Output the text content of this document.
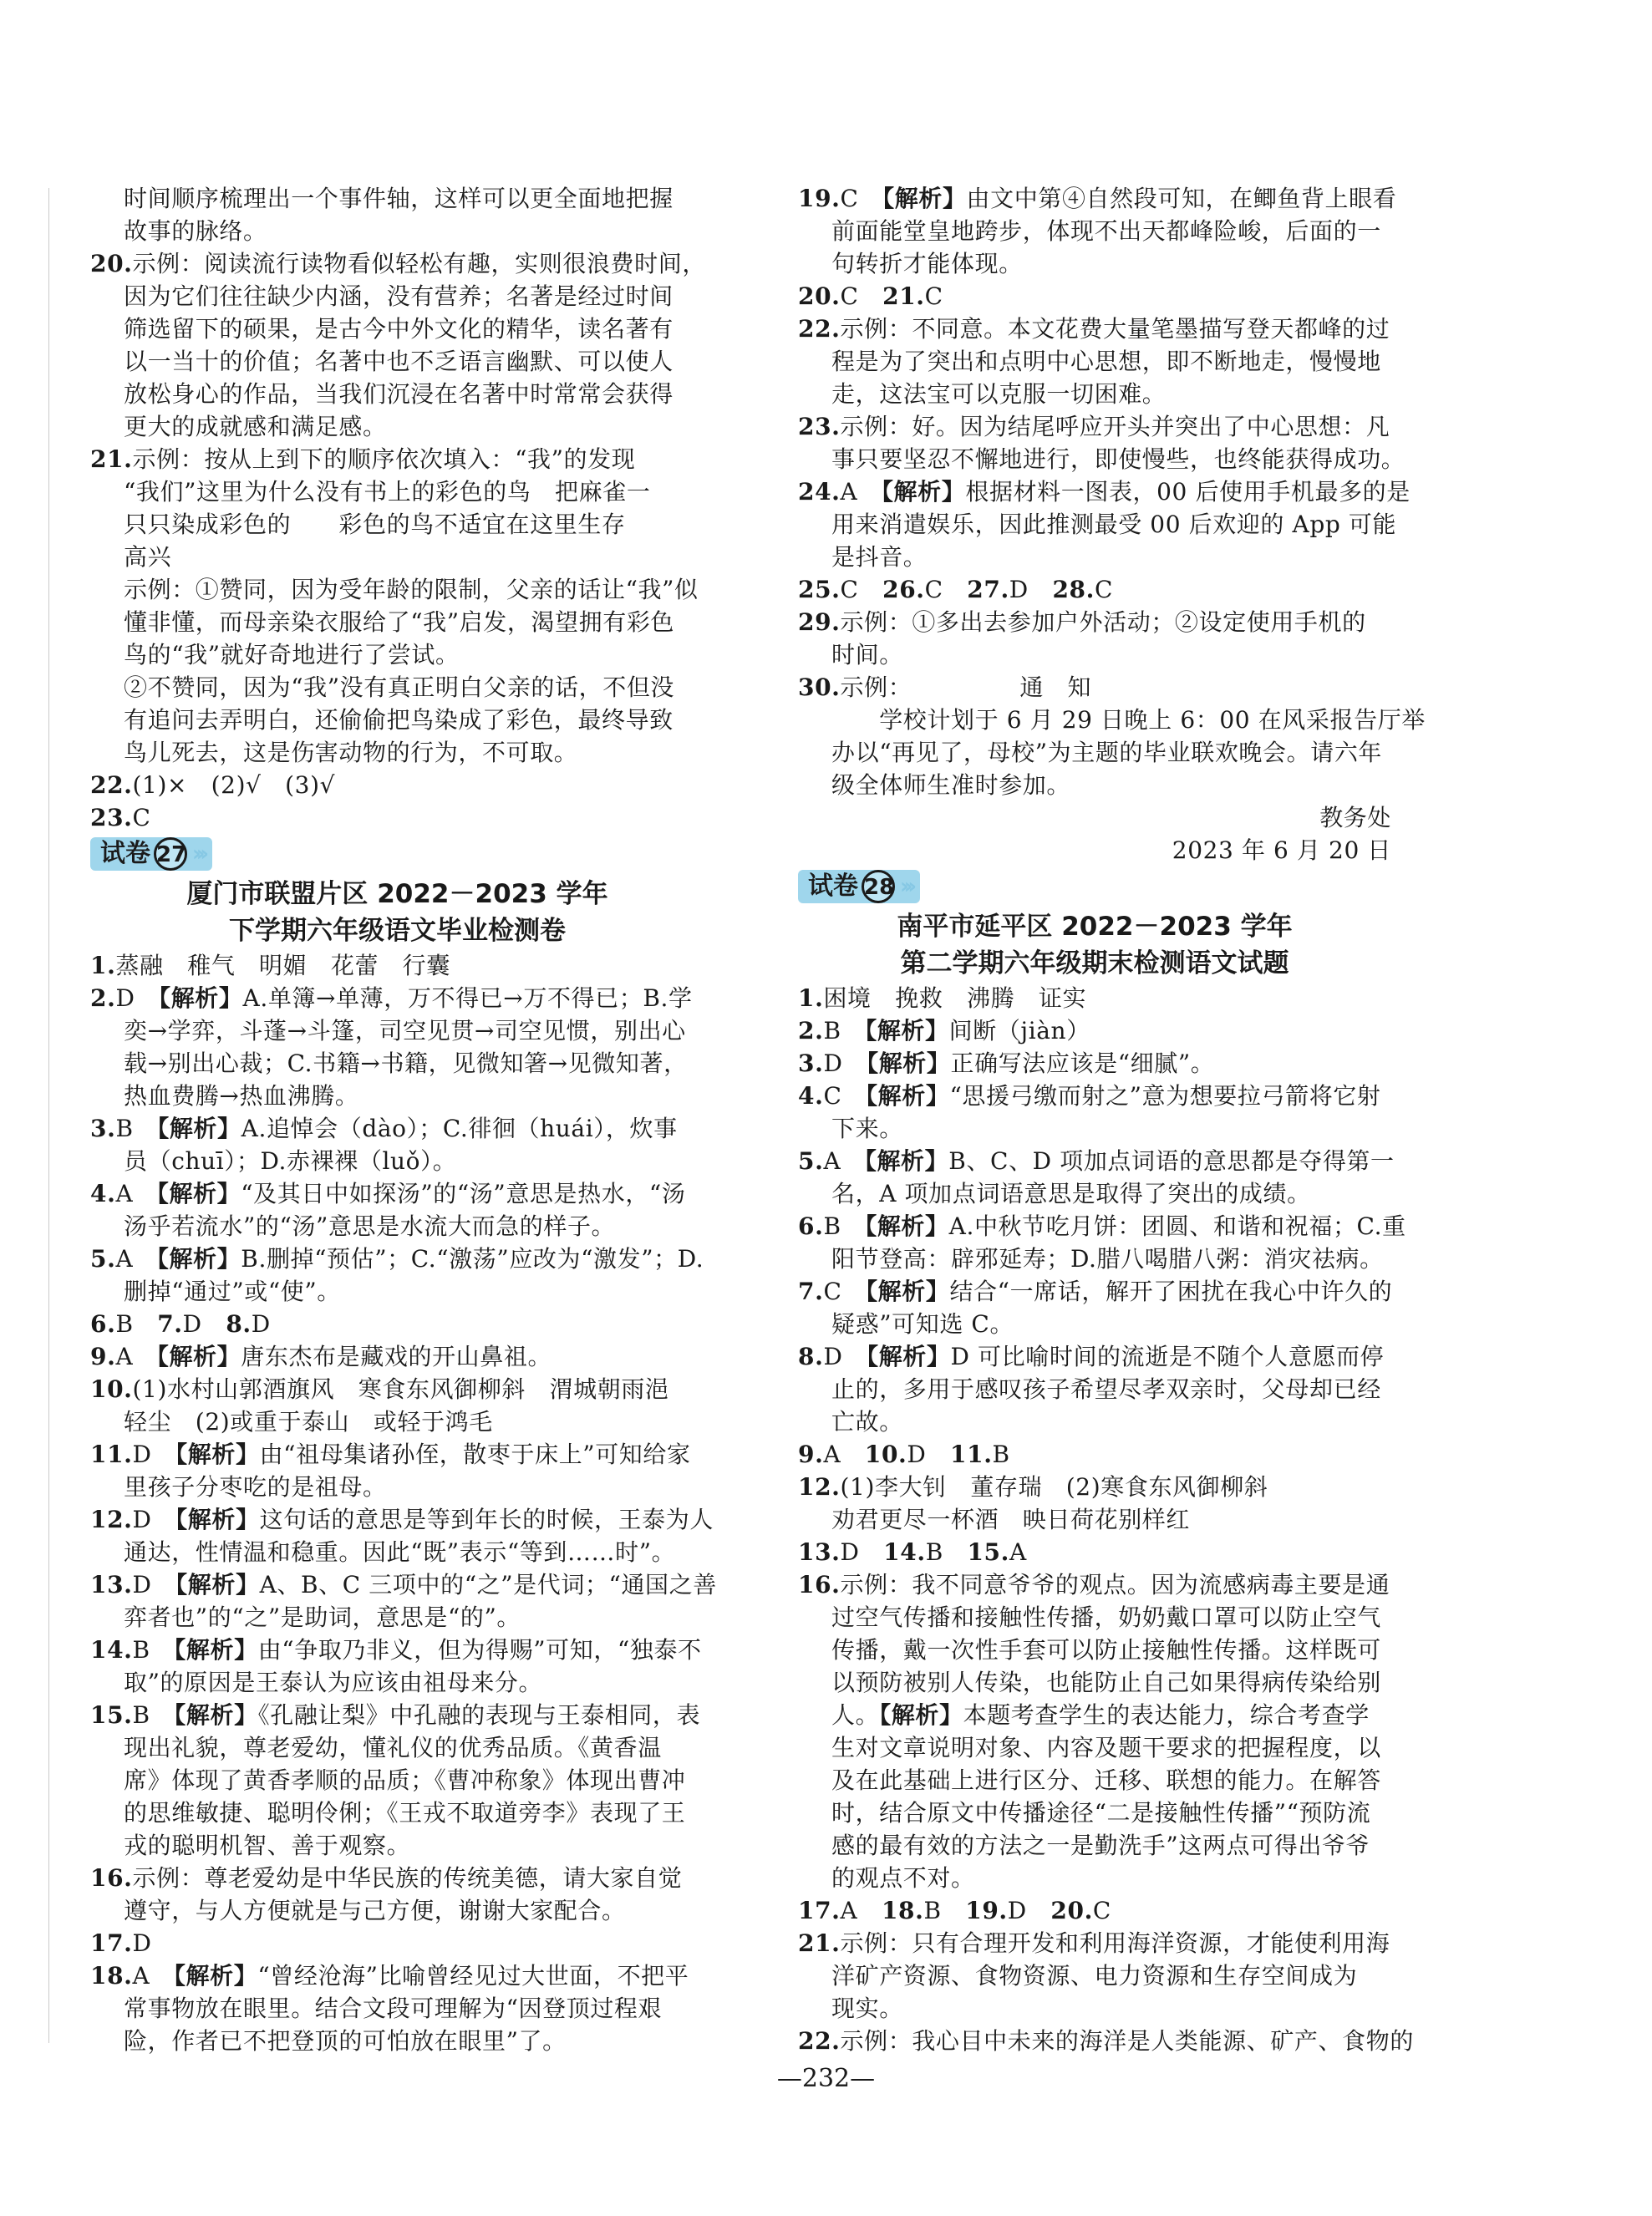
时间顺序梳理出一个事件轴，这样可以更全面地把握
故事的脉络。
20.示例：阅读流行读物看似轻松有趣，实则很浪费时间，
因为它们往往缺少内涵，没有营养；名著是经过时间
筛选留下的硕果，是古今中外文化的精华，读名著有
以一当十的价值；名著中也不乏语言幽默、可以使人
放松身心的作品，当我们沉浸在名著中时常常会获得
更大的成就感和满足感。
21.示例：按从上到下的顺序依次填入：“我”的发现
“我们”这里为什么没有书上的彩色的鸟　把麻雀一
只只染成彩色的　　彩色的鸟不适宜在这里生存
高兴
示例：①赞同，因为受年龄的限制，父亲的话让“我”似
懂非懂，而母亲染衣服给了“我”启发，渴望拥有彩色
鸟的“我”就好奇地进行了尝试。
②不赞同，因为“我”没有真正明白父亲的话，不但没
有追问去弄明白，还偷偷把鸟染成了彩色，最终导致
鸟儿死去，这是伤害动物的行为，不可取。
22.(1)×　(2)√　(3)√
23.C
试卷 27 ›››
厦门市联盟片区 2022－2023 学年
下学期六年级语文毕业检测卷
1.蒸融　稚气　明媚　花蕾　行囊
2.D　【解析】A.单簿→单薄，万不得已→万不得已；B.学
奕→学弈，斗蓬→斗篷，司空见贯→司空见惯，别出心
载→别出心裁；C.书籍→书籍，见微知箸→见微知著，
热血费腾→热血沸腾。
3.B　【解析】A.追悼会（dào）；C.徘徊（huái），炊事
员（chuī）；D.赤裸裸（luǒ）。
4.A　【解析】“及其日中如探汤”的“汤”意思是热水，“汤
汤乎若流水”的“汤”意思是水流大而急的样子。
5.A　【解析】B.删掉“预估”；C.“激荡”应改为“激发”；D.
删掉“通过”或“使”。
6.B　7.D　8.D
9.A　【解析】唐东杰布是藏戏的开山鼻祖。
10.(1)水村山郭酒旗风　寒食东风御柳斜　渭城朝雨浥
轻尘　(2)或重于泰山　或轻于鸿毛
11.D　【解析】由“祖母集诸孙侄，散枣于床上”可知给家
里孩子分枣吃的是祖母。
12.D　【解析】这句话的意思是等到年长的时候，王泰为人
通达，性情温和稳重。因此“既”表示“等到……时”。
13.D　【解析】A、B、C 三项中的“之”是代词；“通国之善
弈者也”的“之”是助词，意思是“的”。
14.B　【解析】由“争取乃非义，但为得赐”可知，“独泰不
取”的原因是王泰认为应该由祖母来分。
15.B　【解析】《孔融让梨》中孔融的表现与王泰相同，表
现出礼貌，尊老爱幼，懂礼仪的优秀品质。《黄香温
席》体现了黄香孝顺的品质；《曹冲称象》体现出曹冲
的思维敏捷、聪明伶俐；《王戎不取道旁李》表现了王
戎的聪明机智、善于观察。
16.示例：尊老爱幼是中华民族的传统美德，请大家自觉
遵守，与人方便就是与己方便，谢谢大家配合。
17.D
18.A　【解析】“曾经沧海”比喻曾经见过大世面，不把平
常事物放在眼里。结合文段可理解为“因登顶过程艰
险，作者已不把登顶的可怕放在眼里”了。
19.C　【解析】由文中第④自然段可知，在鲫鱼背上眼看
前面能堂皇地跨步，体现不出天都峰险峻，后面的一
句转折才能体现。
20.C　21.C
22.示例：不同意。本文花费大量笔墨描写登天都峰的过
程是为了突出和点明中心思想，即不断地走，慢慢地
走，这法宝可以克服一切困难。
23.示例：好。因为结尾呼应开头并突出了中心思想：凡
事只要坚忍不懈地进行，即使慢些，也终能获得成功。
24.A　【解析】根据材料一图表，00 后使用手机最多的是
用来消遣娱乐，因此推测最受 00 后欢迎的 App 可能
是抖音。
25.C　26.C　27.D　28.C
29.示例：①多出去参加户外活动；②设定使用手机的
时间。
30.示例：　　　　　通　知
　　学校计划于 6 月 29 日晚上 6：00 在风采报告厅举
办以“再见了，母校”为主题的毕业联欢晚会。请六年
级全体师生准时参加。
教务处
2023 年 6 月 20 日
试卷 28 ›››
南平市延平区 2022－2023 学年
第二学期六年级期末检测语文试题
1.困境　挽救　沸腾　证实
2.B　【解析】间断（jiàn）
3.D　【解析】正确写法应该是“细腻”。
4.C　【解析】“思援弓缴而射之”意为想要拉弓箭将它射
下来。
5.A　【解析】B、C、D 项加点词语的意思都是夺得第一
名，A 项加点词语意思是取得了突出的成绩。
6.B　【解析】A.中秋节吃月饼：团圆、和谐和祝福；C.重
阳节登高：辟邪延寿；D.腊八喝腊八粥：消灾祛病。
7.C　【解析】结合“一席话，解开了困扰在我心中许久的
疑惑”可知选 C。
8.D　【解析】D 可比喻时间的流逝是不随个人意愿而停
止的，多用于感叹孩子希望尽孝双亲时，父母却已经
亡故。
9.A　10.D　11.B
12.(1)李大钊　董存瑞　(2)寒食东风御柳斜
劝君更尽一杯酒　映日荷花别样红
13.D　14.B　15.A
16.示例：我不同意爷爷的观点。因为流感病毒主要是通
过空气传播和接触性传播，奶奶戴口罩可以防止空气
传播，戴一次性手套可以防止接触性传播。这样既可
以预防被别人传染，也能防止自己如果得病传染给别
人。【解析】本题考查学生的表达能力，综合考查学
生对文章说明对象、内容及题干要求的把握程度，以
及在此基础上进行区分、迁移、联想的能力。在解答
时，结合原文中传播途径“二是接触性传播”“预防流
感的最有效的方法之一是勤洗手”这两点可得出爷爷
的观点不对。
17.A　18.B　19.D　20.C
21.示例：只有合理开发和利用海洋资源，才能使利用海
洋矿产资源、食物资源、电力资源和生存空间成为
现实。
22.示例：我心目中未来的海洋是人类能源、矿产、食物的
—232—
